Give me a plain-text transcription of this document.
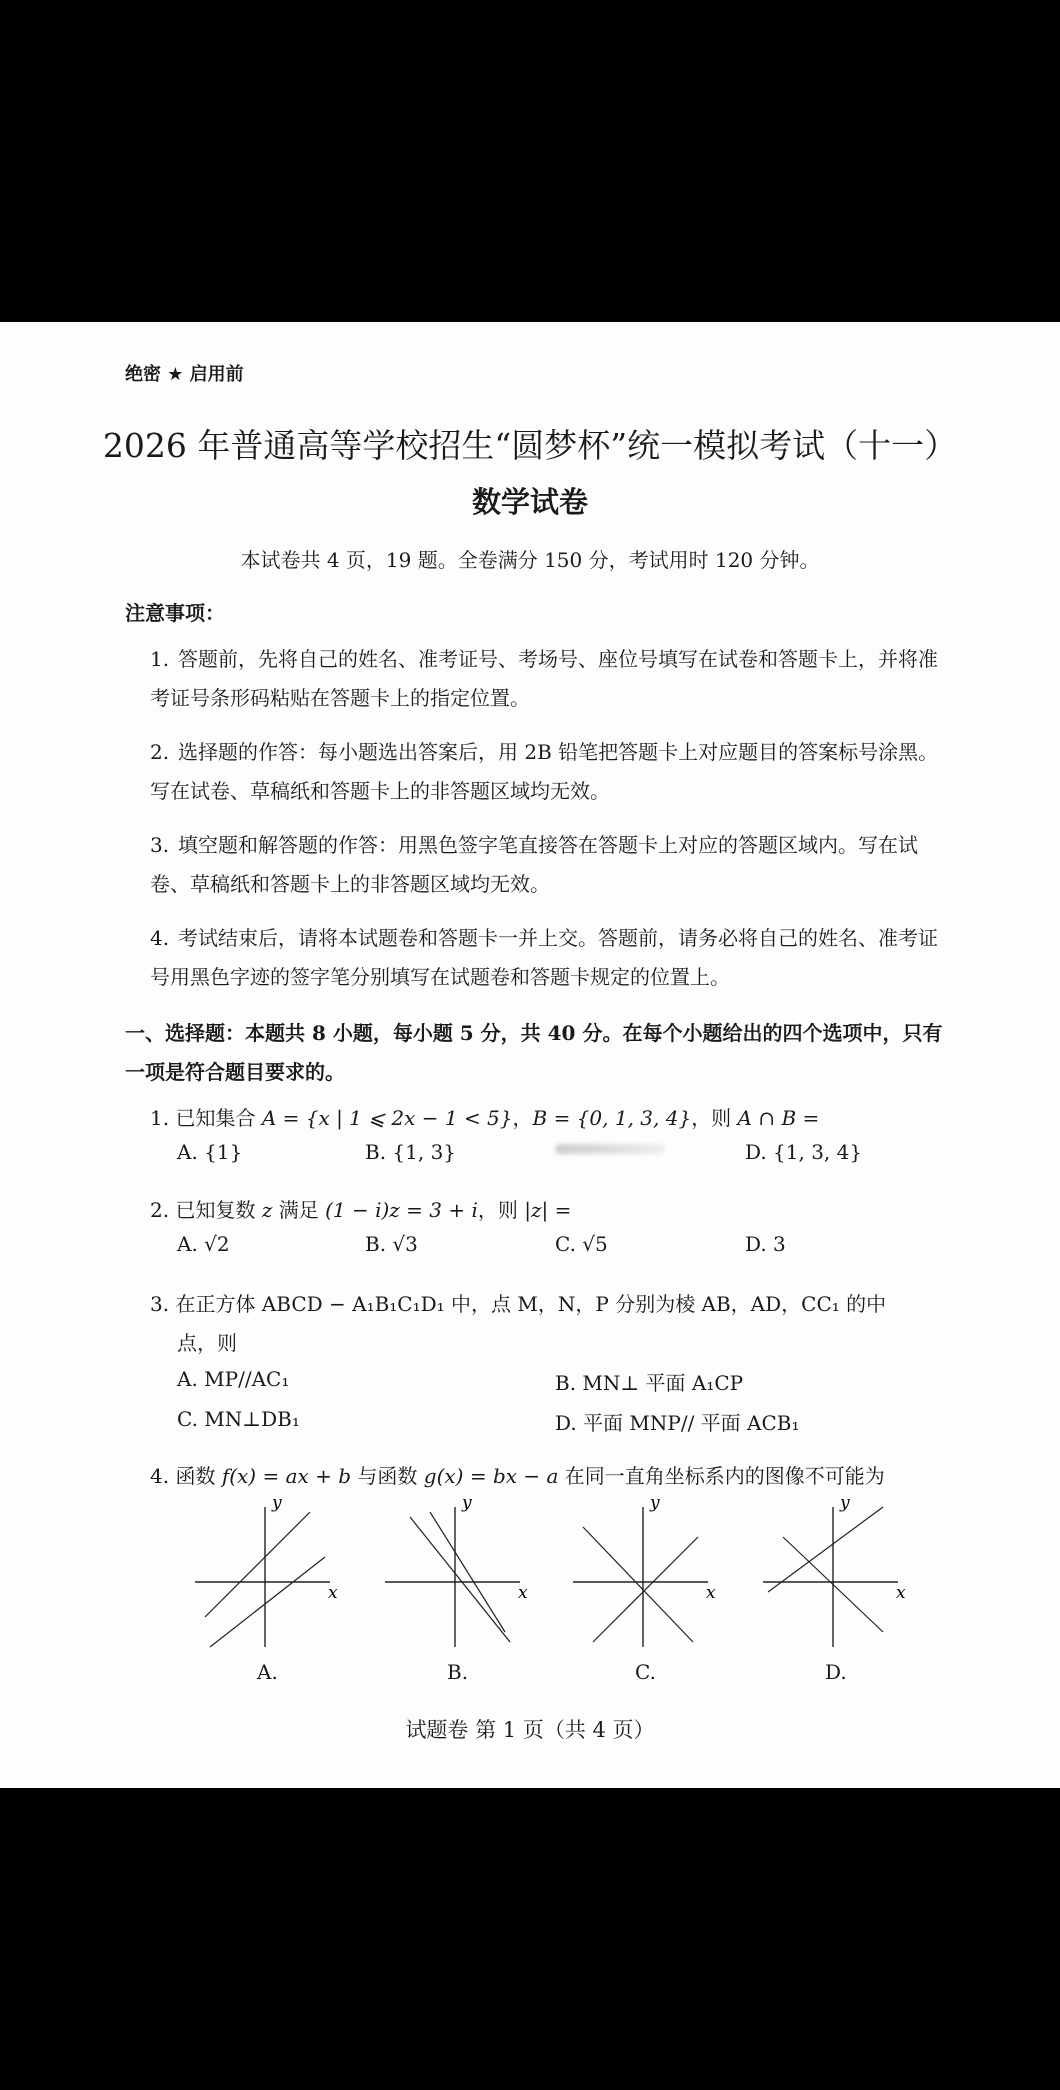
绝密 ★ 启用前
2026 年普通高等学校招生“圆梦杯”统一模拟考试（十一）
数学试卷
本试卷共 4 页，19 题。全卷满分 150 分，考试用时 120 分钟。
注意事项：
1. 答题前，先将自己的姓名、准考证号、考场号、座位号填写在试卷和答题卡上，并将准考证号条形码粘贴在答题卡上的指定位置。
2. 选择题的作答：每小题选出答案后，用 2B 铅笔把答题卡上对应题目的答案标号涂黑。写在试卷、草稿纸和答题卡上的非答题区域均无效。
3. 填空题和解答题的作答：用黑色签字笔直接答在答题卡上对应的答题区域内。写在试卷、草稿纸和答题卡上的非答题区域均无效。
4. 考试结束后，请将本试题卷和答题卡一并上交。答题前，请务必将自己的姓名、准考证号用黑色字迹的签字笔分别填写在试题卷和答题卡规定的位置上。
一、选择题：本题共 8 小题，每小题 5 分，共 40 分。在每个小题给出的四个选项中，只有一项是符合题目要求的。
1. 已知集合 A = {x | 1 ⩽ 2x − 1 < 5}，B = {0, 1, 3, 4}，则 A ∩ B =
A. {1}	B. {1, 3}	D. {1, 3, 4}
2. 已知复数 z 满足 (1 − i)z = 3 + i，则 |z| =
A. √2	B. √3	C. √5	D. 3
3. 在正方体 ABCD − A₁B₁C₁D₁ 中，点 M，N，P 分别为棱 AB，AD，CC₁ 的中
点，则
A. MP//AC₁	B. MN⊥ 平面 A₁CP
C. MN⊥DB₁	D. 平面 MNP// 平面 ACB₁
4. 函数 f(x) = ax + b 与函数 g(x) = bx − a 在同一直角坐标系内的图像不可能为
y
x
y
x
y
x
y
x
A.	B.	C.	D.
试题卷 第 1 页（共 4 页）
